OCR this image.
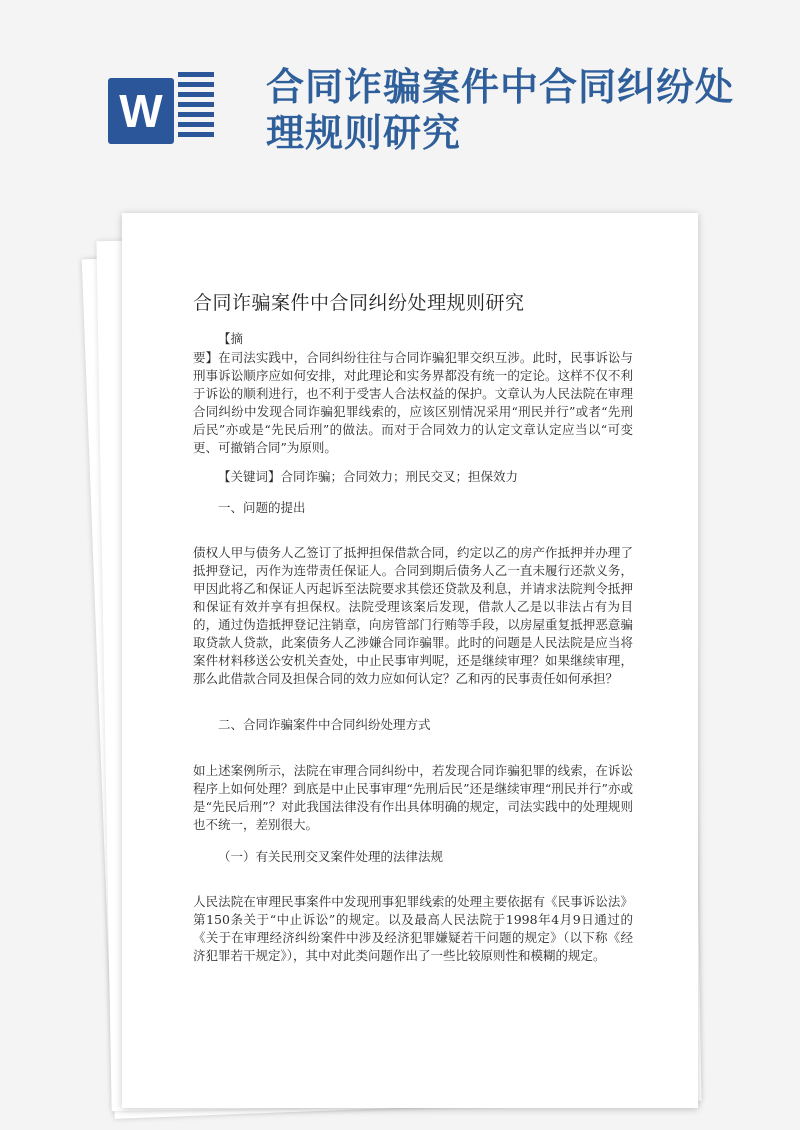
W	合同诈骗案件中合同纠纷处理规则研究
合同诈骗案件中合同纠纷处理规则研究

【摘

要】在司法实践中，合同纠纷往往与合同诈骗犯罪交织互涉。此时，民事诉讼与刑事诉讼顺序应如何安排，对此理论和实务界都没有统一的定论。这样不仅不利于诉讼的顺利进行，也不利于受害人合法权益的保护。文章认为人民法院在审理合同纠纷中发现合同诈骗犯罪线索的，应该区别情况采用“刑民并行”或者“先刑后民”亦或是“先民后刑”的做法。而对于合同效力的认定文章认定应当以“可变更、可撤销合同”为原则。

【关键词】合同诈骗；合同效力；刑民交叉；担保效力

一、问题的提出

债权人甲与债务人乙签订了抵押担保借款合同，约定以乙的房产作抵押并办理了抵押登记，丙作为连带责任保证人。合同到期后债务人乙一直未履行还款义务，甲因此将乙和保证人丙起诉至法院要求其偿还贷款及利息，并请求法院判令抵押和保证有效并享有担保权。法院受理该案后发现，借款人乙是以非法占有为目的，通过伪造抵押登记注销章，向房管部门行贿等手段，以房屋重复抵押恶意骗取贷款人贷款，此案债务人乙涉嫌合同诈骗罪。此时的问题是人民法院是应当将案件材料移送公安机关查处，中止民事审判呢，还是继续审理？如果继续审理，那么此借款合同及担保合同的效力应如何认定？乙和丙的民事责任如何承担？

二、合同诈骗案件中合同纠纷处理方式

如上述案例所示，法院在审理合同纠纷中，若发现合同诈骗犯罪的线索，在诉讼程序上如何处理？到底是中止民事审理“先刑后民”还是继续审理“刑民并行”亦或是“先民后刑”？对此我国法律没有作出具体明确的规定，司法实践中的处理规则也不统一，差别很大。

（一）有关民刑交叉案件处理的法律法规

人民法院在审理民事案件中发现刑事犯罪线索的处理主要依据有《民事诉讼法》第150条关于“中止诉讼”的规定。以及最高人民法院于1998年4月9日通过的《关于在审理经济纠纷案件中涉及经济犯罪嫌疑若干问题的规定》（以下称《经济犯罪若干规定》），其中对此类问题作出了一些比较原则性和模糊的规定。
